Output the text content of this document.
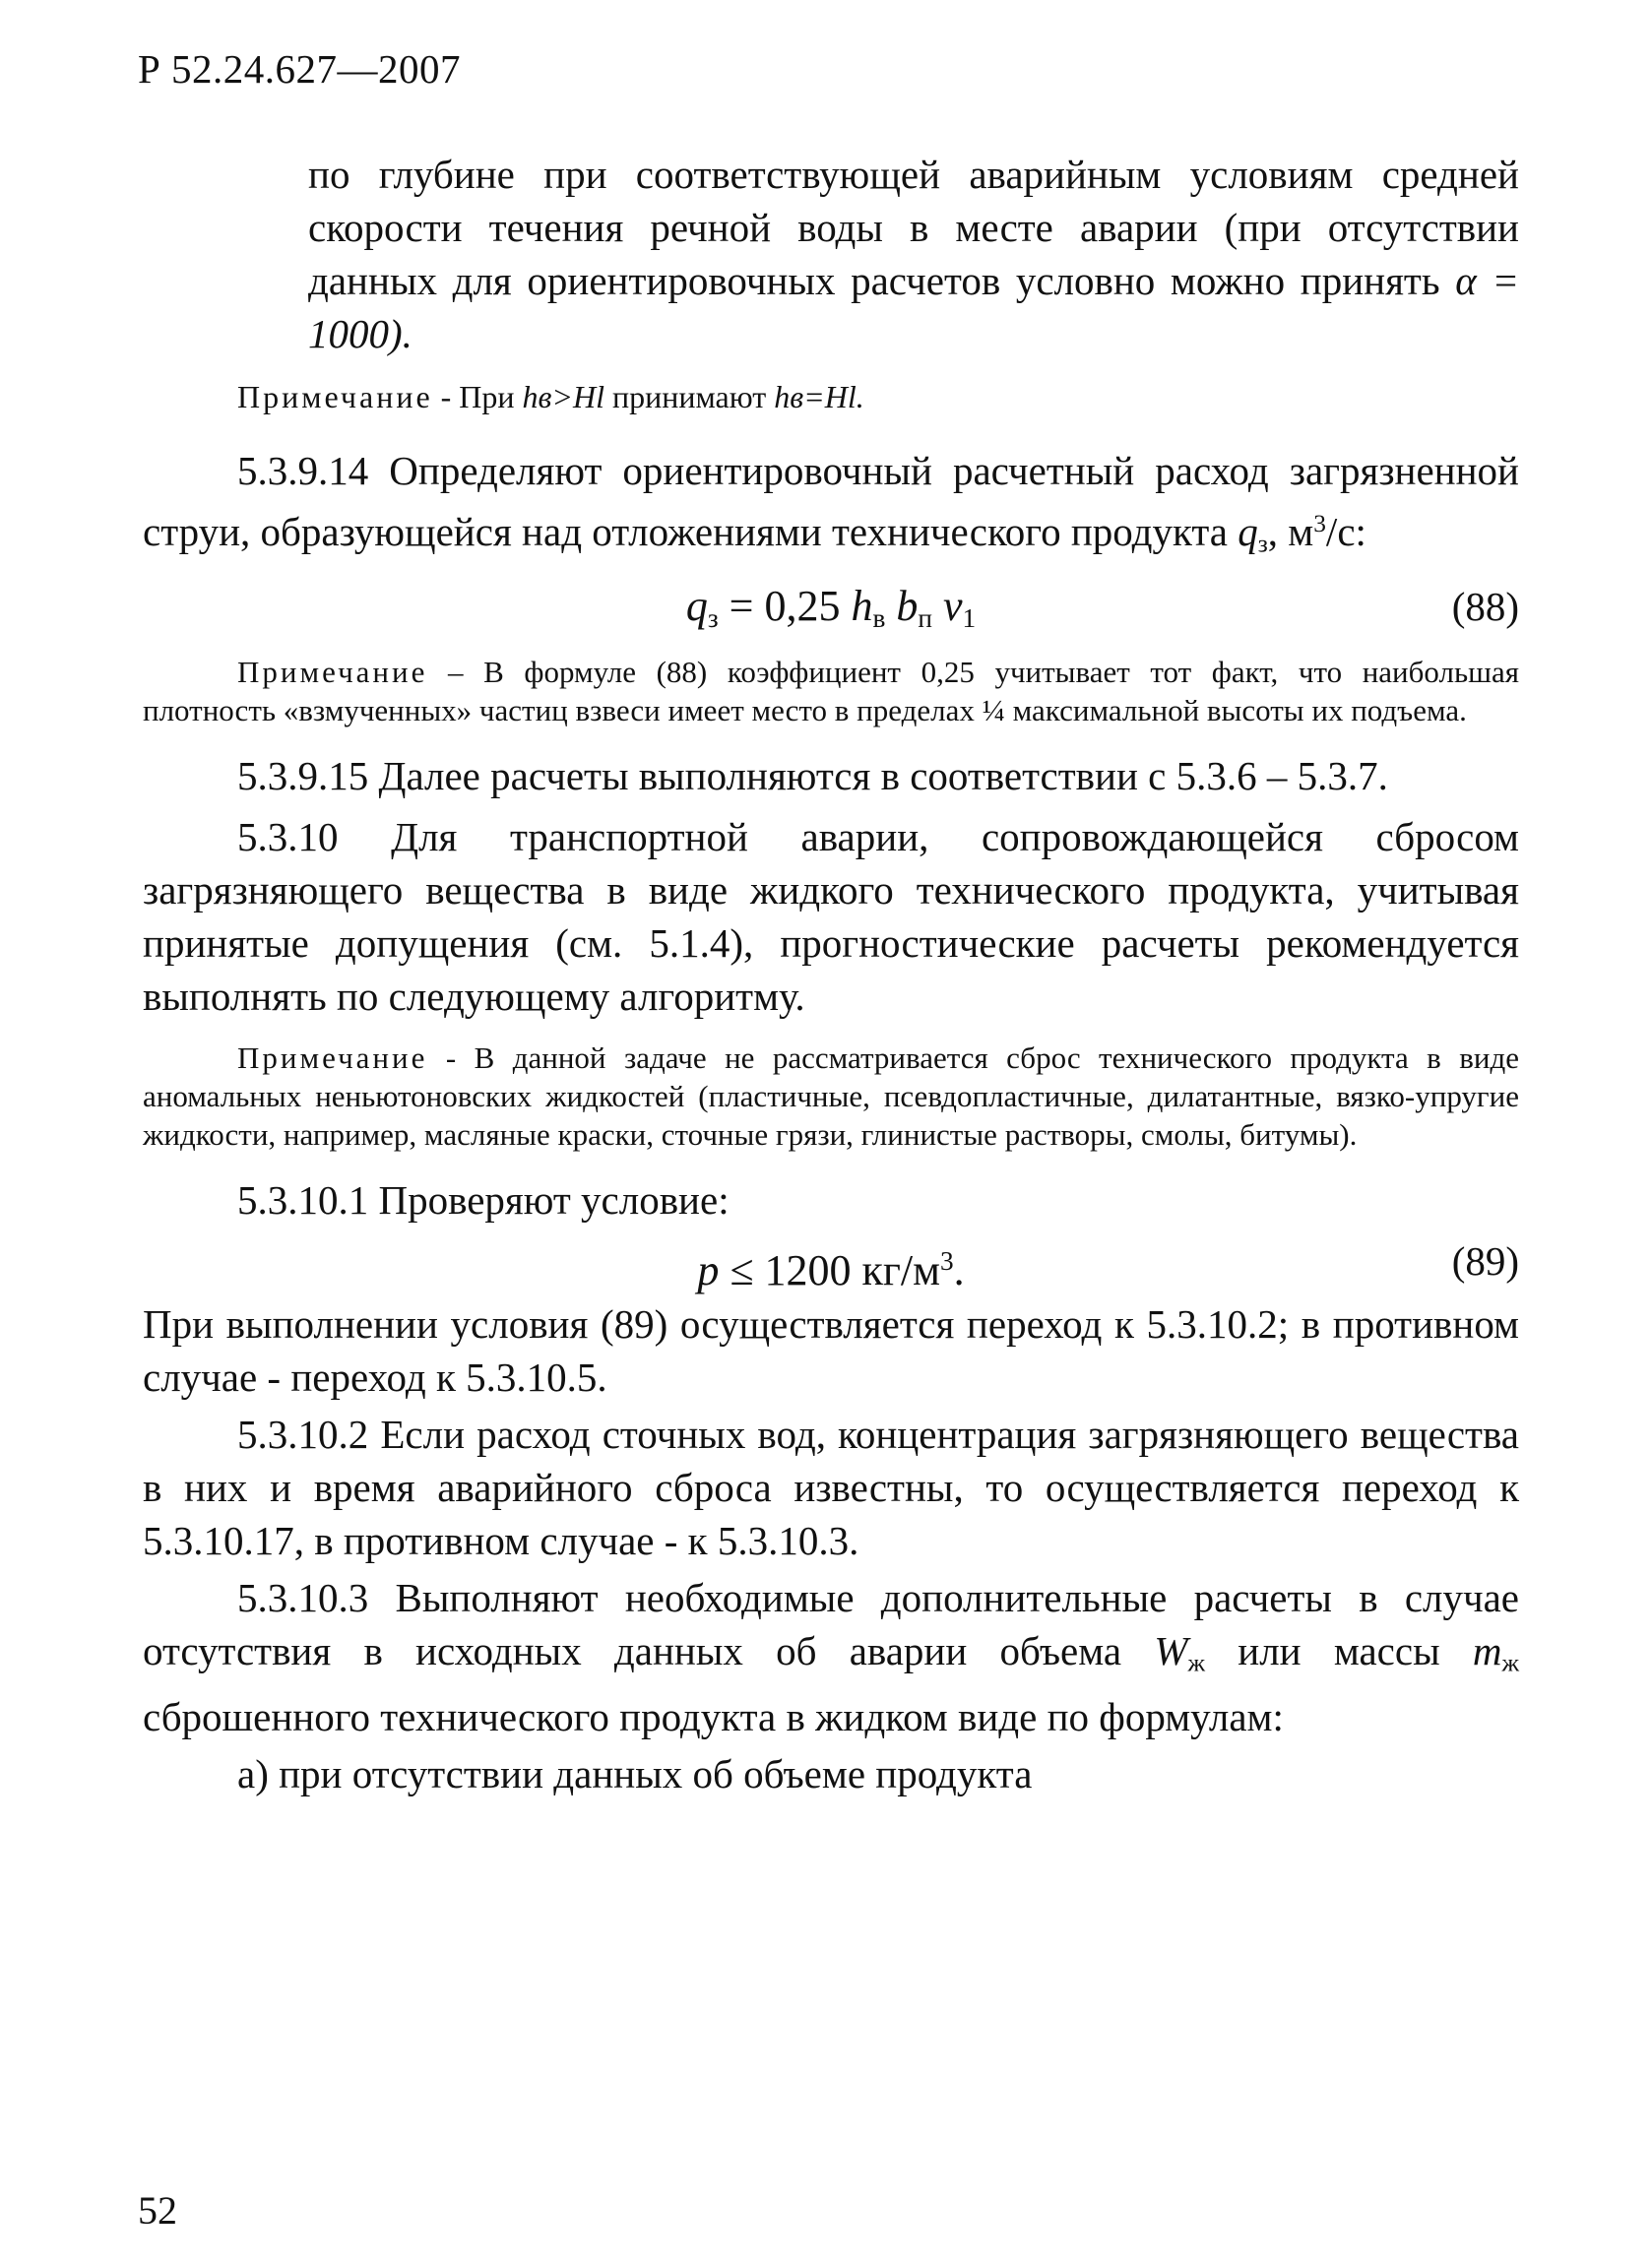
Р 52.24.627—2007

по глубине при соответствующей аварийным условиям средней скорости течения речной воды в месте аварии (при отсутствии данных для ориентировочных расчетов условно можно принять α = 1000).

Примечание - При hв>Hl принимают hв=Hl.

5.3.9.14 Определяют ориентировочный расчетный расход загрязненной струи, образующейся над отложениями технического продукта $q_з$, $м^3/с$:

$q_з = 0,25$ $h_в$ $b_п$ $v_1$	(88)

Примечание – В формуле (88) коэффициент 0,25 учитывает тот факт, что наибольшая плотность «взмученных» частиц взвеси имеет место в пределах ¼ максимальной высоты их подъема.

5.3.9.15 Далее расчеты выполняются в соответствии с 5.3.6 – 5.3.7.

5.3.10 Для транспортной аварии, сопровождающейся сбросом загрязняющего вещества в виде жидкого технического продукта, учитывая принятые допущения (см. 5.1.4), прогностические расчеты рекомендуется выполнять по следующему алгоритму.

Примечание - В данной задаче не рассматривается сброс технического продукта в виде аномальных неньютоновских жидкостей (пластичные, псевдопластичные, дилатантные, вязко-упругие жидкости, например, масляные краски, сточные грязи, глинистые растворы, смолы, битумы).

5.3.10.1 Проверяют условие:

p ≤ 1200 $кг/м^3$.	(89)

При выполнении условия (89) осуществляется переход к 5.3.10.2; в противном случае - переход к 5.3.10.5.

5.3.10.2 Если расход сточных вод, концентрация загрязняющего вещества в них и время аварийного сброса известны, то осуществляется переход к 5.3.10.17, в противном случае - к 5.3.10.3.

5.3.10.3 Выполняют необходимые дополнительные расчеты в случае отсутствия в исходных данных об аварии объема $W_ж$ или массы $m_ж$ сброшенного технического продукта в жидком виде по формулам:

а) при отсутствии данных об объеме продукта

52
